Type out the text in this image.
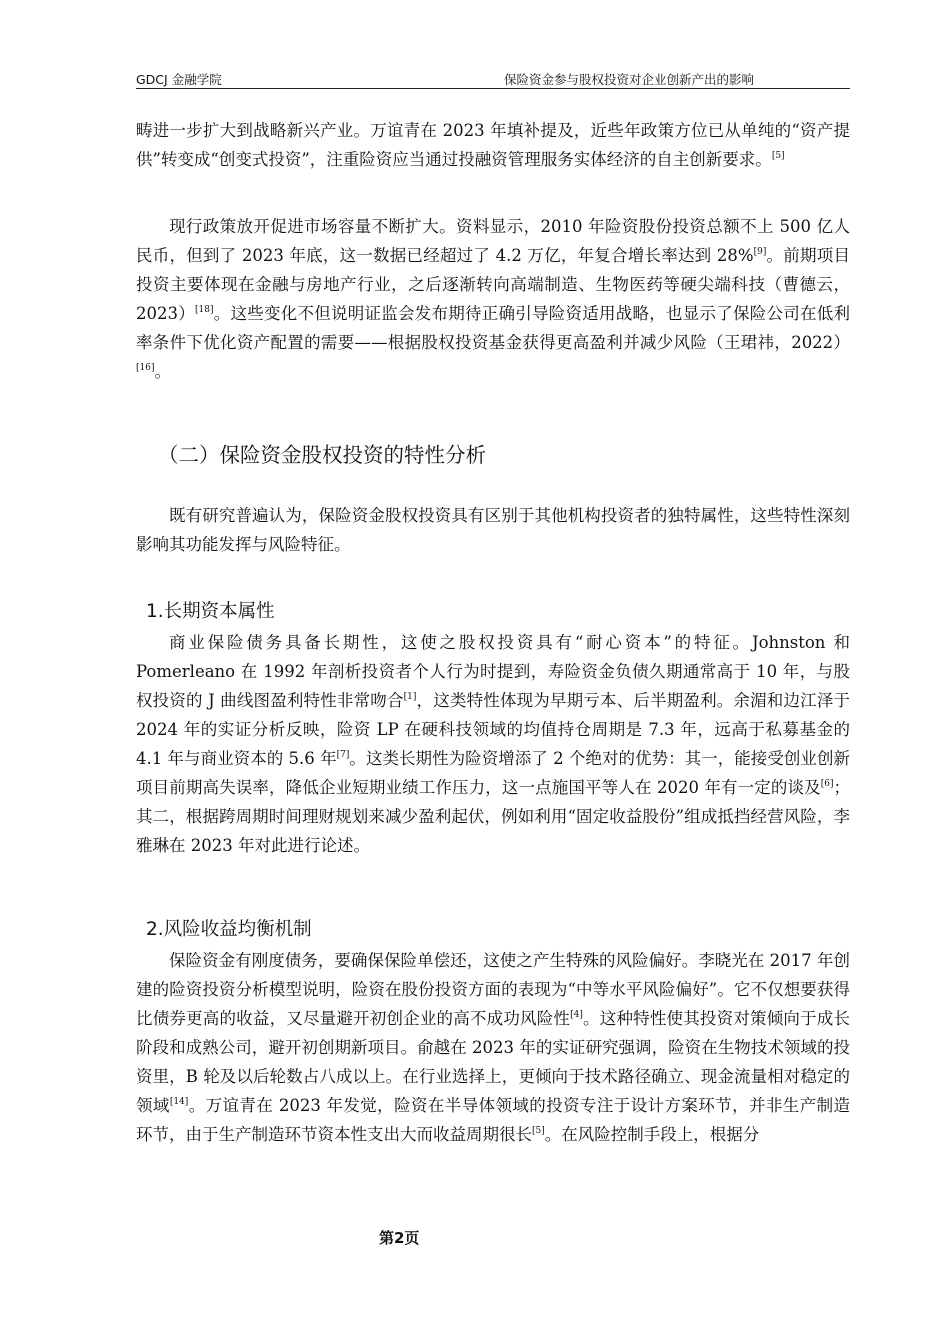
GDCJ 金融学院	保险资金参与股权投资对企业创新产出的影响

畴进一步扩大到战略新兴产业。万谊青在 2023 年填补提及，近些年政策方位已从单纯的“资产提供”转变成“创变式投资”，注重险资应当通过投融资管理服务实体经济的自主创新要求。[5]

现行政策放开促进市场容量不断扩大。资料显示，2010 年险资股份投资总额不上 500 亿人民币，但到了 2023 年底，这一数据已经超过了 4.2 万亿，年复合增长率达到 28%[9]。前期项目投资主要体现在金融与房地产行业，之后逐渐转向高端制造、生物医药等硬尖端科技（曹德云，2023）[18]。这些变化不但说明证监会发布期待正确引导险资适用战略，也显示了保险公司在低利率条件下优化资产配置的需要——根据股权投资基金获得更高盈利并减少风险（王珺祎，2022）[16]。

（二）保险资金股权投资的特性分析

既有研究普遍认为，保险资金股权投资具有区别于其他机构投资者的独特属性，这些特性深刻影响其功能发挥与风险特征。

1.长期资本属性

商业保险债务具备长期性，这使之股权投资具有“耐心资本”的特征。Johnston 和 Pomerleano 在 1992 年剖析投资者个人行为时提到，寿险资金负债久期通常高于 10 年，与股权投资的 J 曲线图盈利特性非常吻合[1]，这类特性体现为早期亏本、后半期盈利。余湄和边江泽于 2024 年的实证分析反映，险资 LP 在硬科技领域的均值持仓周期是 7.3 年，远高于私募基金的 4.1 年与商业资本的 5.6 年[7]。这类长期性为险资增添了 2 个绝对的优势：其一，能接受创业创新项目前期高失误率，降低企业短期业绩工作压力，这一点施国平等人在 2020 年有一定的谈及[6]；其二，根据跨周期时间理财规划来减少盈利起伏，例如利用“固定收益股份”组成抵挡经营风险，李雅琳在 2023 年对此进行论述。

2.风险收益均衡机制

保险资金有刚度债务，要确保保险单偿还，这使之产生特殊的风险偏好。李晓光在 2017 年创建的险资投资分析模型说明，险资在股份投资方面的表现为“中等水平风险偏好”。它不仅想要获得比债券更高的收益，又尽量避开初创企业的高不成功风险性[4]。这种特性使其投资对策倾向于成长阶段和成熟公司，避开初创期新项目。俞越在 2023 年的实证研究强调，险资在生物技术领域的投资里，B 轮及以后轮数占八成以上。在行业选择上，更倾向于技术路径确立、现金流量相对稳定的领域[14]。万谊青在 2023 年发觉，险资在半导体领域的投资专注于设计方案环节，并非生产制造环节，由于生产制造环节资本性支出大而收益周期很长[5]。在风险控制手段上，根据分

第2页
